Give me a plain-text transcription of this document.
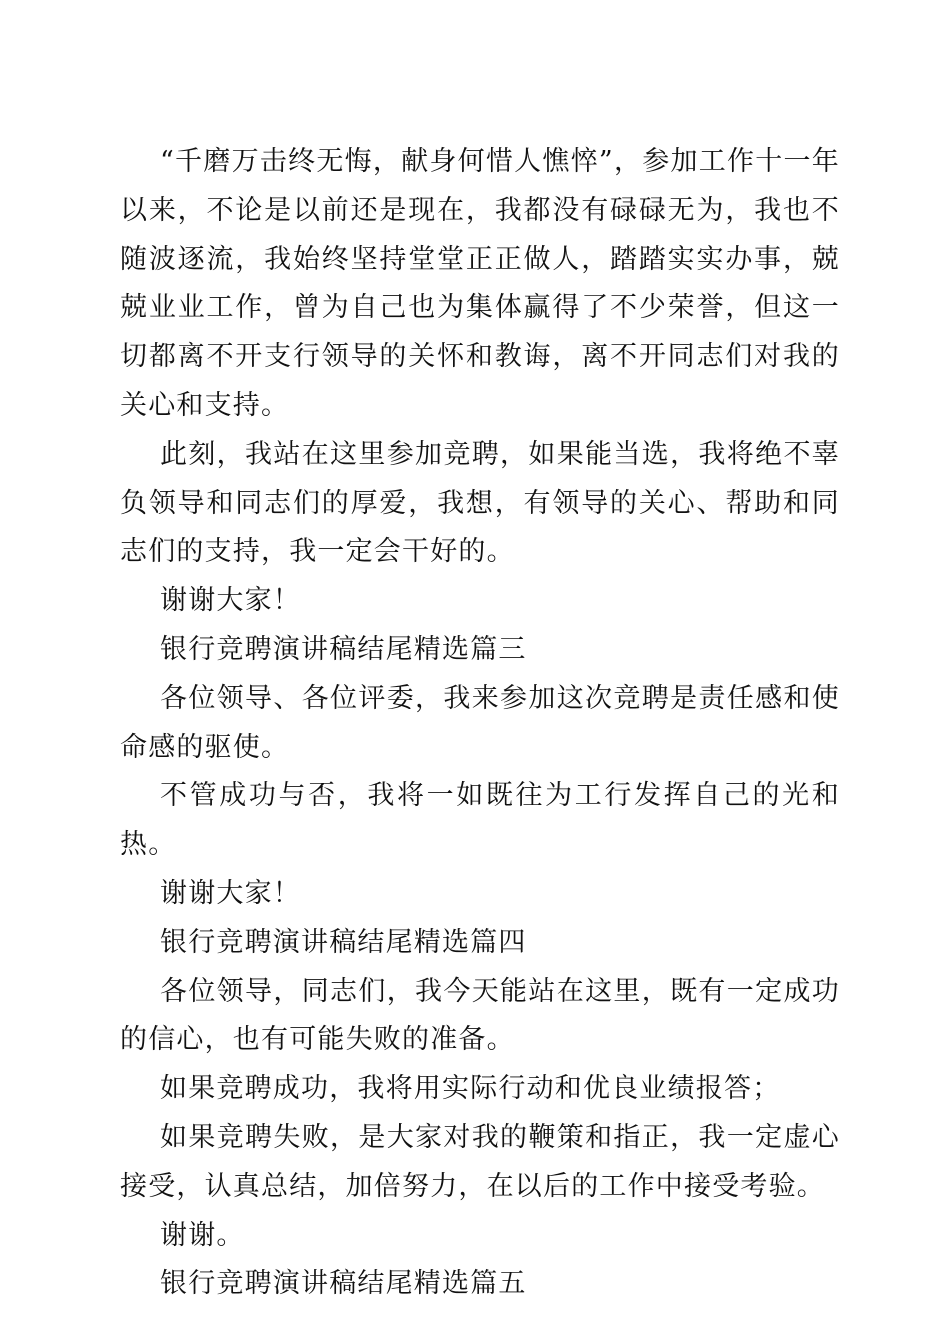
“千磨万击终无悔，献身何惜人憔悴”，参加工作十一年以来，不论是以前还是现在，我都没有碌碌无为，我也不随波逐流，我始终坚持堂堂正正做人，踏踏实实办事，兢兢业业工作，曾为自己也为集体赢得了不少荣誉，但这一切都离不开支行领导的关怀和教诲，离不开同志们对我的关心和支持。

此刻，我站在这里参加竞聘，如果能当选，我将绝不辜负领导和同志们的厚爱，我想，有领导的关心、帮助和同志们的支持，我一定会干好的。

谢谢大家！

银行竞聘演讲稿结尾精选篇三

各位领导、各位评委，我来参加这次竞聘是责任感和使命感的驱使。

不管成功与否，我将一如既往为工行发挥自己的光和热。

谢谢大家！

银行竞聘演讲稿结尾精选篇四

各位领导，同志们，我今天能站在这里，既有一定成功的信心，也有可能失败的准备。

如果竞聘成功，我将用实际行动和优良业绩报答；

如果竞聘失败，是大家对我的鞭策和指正，我一定虚心接受，认真总结，加倍努力，在以后的工作中接受考验。

谢谢。

银行竞聘演讲稿结尾精选篇五
